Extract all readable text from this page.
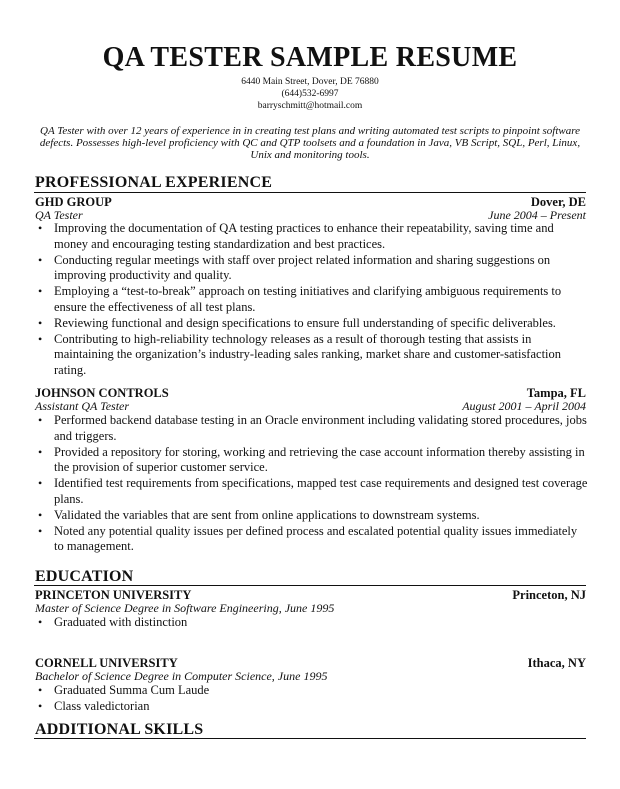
QA TESTER SAMPLE RESUME
6440 Main Street, Dover, DE 76880
(644)532-6997
barryschmitt@hotmail.com
QA Tester with over 12 years of experience in in creating test plans and writing automated test scripts to pinpoint software defects. Possesses high-level proficiency with QC and QTP toolsets and a foundation in Java, VB Script, SQL, Perl, Linux, Unix and monitoring tools.
PROFESSIONAL EXPERIENCE
GHD GROUP	Dover, DE
QA Tester	June 2004 – Present
• Improving the documentation of QA testing practices to enhance their repeatability, saving time and money and encouraging testing standardization and best practices.
• Conducting regular meetings with staff over project related information and sharing suggestions on improving productivity and quality.
• Employing a “test-to-break” approach on testing initiatives and clarifying ambiguous requirements to ensure the effectiveness of all test plans.
• Reviewing functional and design specifications to ensure full understanding of specific deliverables.
• Contributing to high-reliability technology releases as a result of thorough testing that assists in maintaining the organization’s industry-leading sales ranking, market share and customer-satisfaction rating.
JOHNSON CONTROLS	Tampa, FL
Assistant QA Tester	August 2001 – April 2004
• Performed backend database testing in an Oracle environment including validating stored procedures, jobs and triggers.
• Provided a repository for storing, working and retrieving the case account information thereby assisting in the provision of superior customer service.
• Identified test requirements from specifications, mapped test case requirements and designed test coverage plans.
• Validated the variables that are sent from online applications to downstream systems.
• Noted any potential quality issues per defined process and escalated potential quality issues immediately to management.
EDUCATION
PRINCETON UNIVERSITY	Princeton, NJ
Master of Science Degree in Software Engineering, June 1995
• Graduated with distinction
CORNELL UNIVERSITY	Ithaca, NY
Bachelor of Science Degree in Computer Science, June 1995
• Graduated Summa Cum Laude
• Class valedictorian
ADDITIONAL SKILLS
